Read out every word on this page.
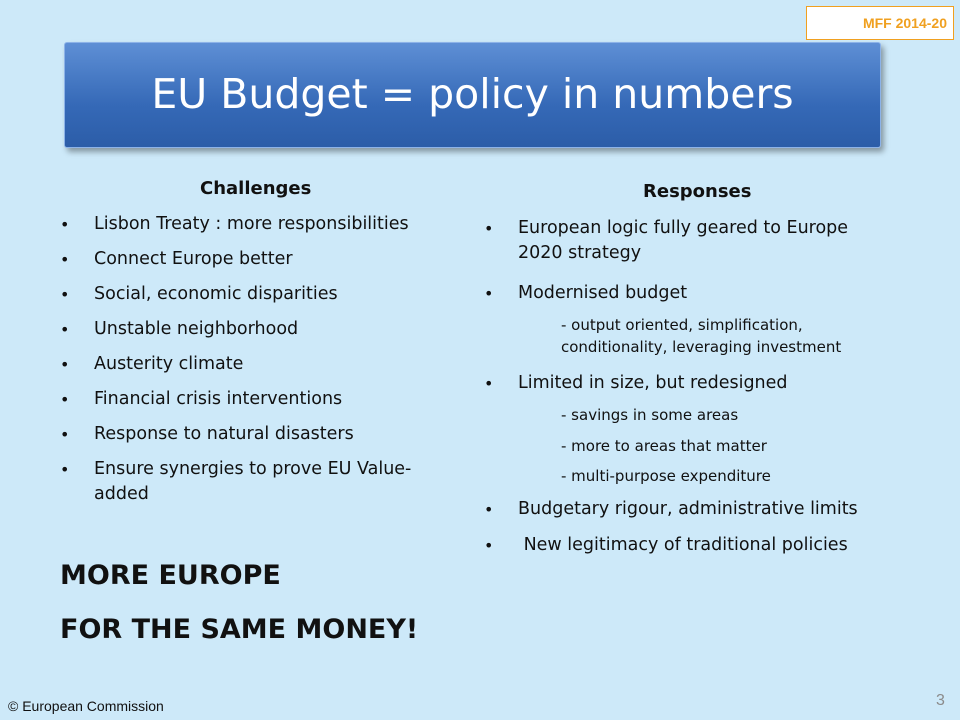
MFF 2014-20
EU Budget = policy in numbers
Challenges
• Lisbon Treaty : more responsibilities
• Connect Europe better
• Social, economic disparities
• Unstable neighborhood
• Austerity climate
• Financial crisis interventions
• Response to natural disasters
• Ensure synergies to prove EU Value-added
Responses
• European logic fully geared to Europe 2020 strategy
• Modernised budget
- output oriented, simplification, conditionality, leveraging investment
• Limited in size, but redesigned
- savings in some areas
- more to areas that matter
- multi-purpose expenditure
• Budgetary rigour, administrative limits
• New legitimacy of traditional policies
MORE EUROPE
FOR THE SAME MONEY!
© European Commission	3
